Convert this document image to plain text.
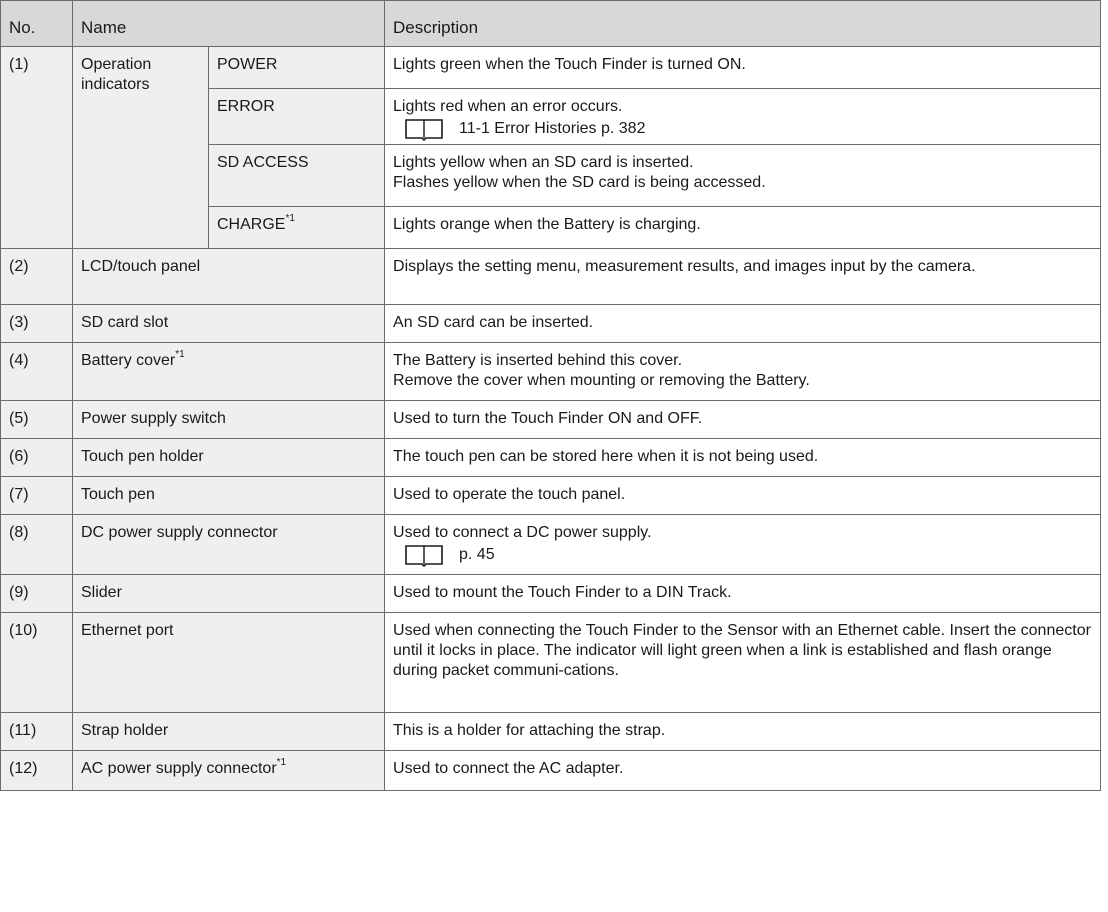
No.	Name		Description
(1)	Operation indicators	POWER	Lights green when the Touch Finder is turned ON.
		ERROR	Lights red when an error occurs.
11-1 Error Histories p. 382

		SD ACCESS	Lights yellow when an SD card is inserted.
Flashes yellow when the SD card is being accessed.

		CHARGE$^{*1}$	Lights orange when the Battery is charging.
(2)	LCD/touch panel		Displays the setting menu, measurement results, and images input by the camera.
(3)	SD card slot		An SD card can be inserted.
(4)	Battery cover$^{*1}$		The Battery is inserted behind this cover.
Remove the cover when mounting or removing the Battery.

(5)	Power supply switch		Used to turn the Touch Finder ON and OFF.
(6)	Touch pen holder		The touch pen can be stored here when it is not being used.
(7)	Touch pen		Used to operate the touch panel.
(8)	DC power supply connector		Used to connect a DC power supply.
p. 45

(9)	Slider		Used to mount the Touch Finder to a DIN Track.
(10)	Ethernet port		Used when connecting the Touch Finder to the Sensor with an Ethernet cable. Insert the connector until it locks in place. The indicator will light green when a link is established and flash orange during packet communi-cations.
(11)	Strap holder		This is a holder for attaching the strap.
(12)	AC power supply connector$^{*1}$		Used to connect the AC adapter.
